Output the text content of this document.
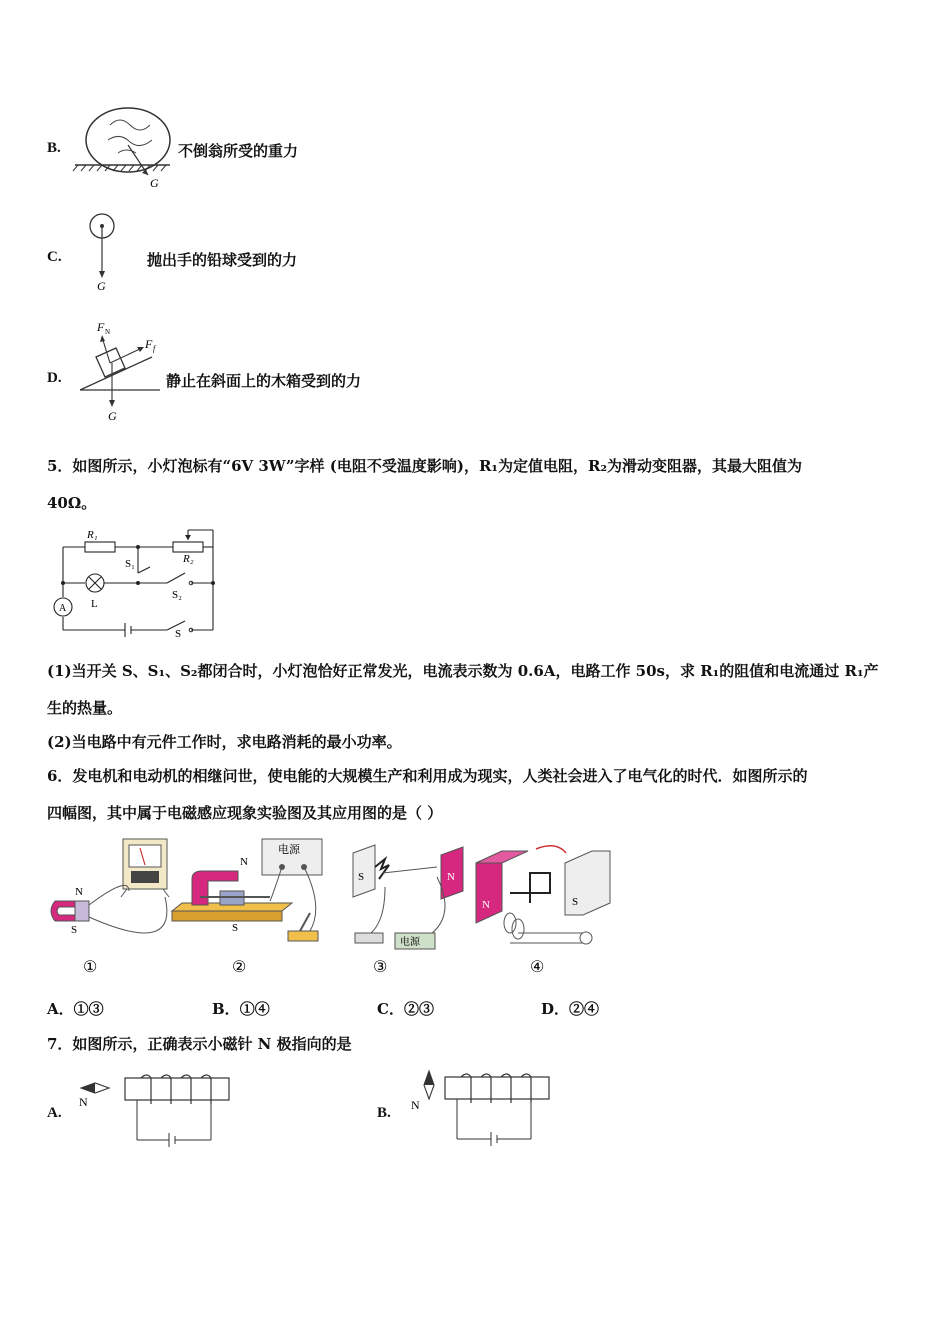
B.
G
不倒翁所受的重力
C.
G
抛出手的铅球受到的力
D.
F N
F f
G
静止在斜面上的木箱受到的力
5．如图所示，小灯泡标有“6V 3W”字样 (电阻不受温度影响)，R₁为定值电阻，R₂为滑动变阻器，其最大阻值为
40Ω。
R₁
R₂
S₁
S₂
S
L
A
(1)当开关 S、S₁、S₂都闭合时，小灯泡恰好正常发光，电流表示数为 0.6A，电路工作 50s，求 R₁的阻值和电流通过 R₁产
生的热量。
(2)当电路中有元件工作时，求电路消耗的最小功率。
6．发电机和电动机的相继问世，使电能的大规模生产和利用成为现实，人类社会进入了电气化的时代．如图所示的
四幅图，其中属于电磁感应现象实验图及其应用图的是（ ）
N
S
①
电源
N
S
②
S	N
电源
③
N	S
④
A．①③	B．①④	C．②③	D．②④
7．如图所示，正确表示小磁针 N 极指向的是
A.
N
B. N
